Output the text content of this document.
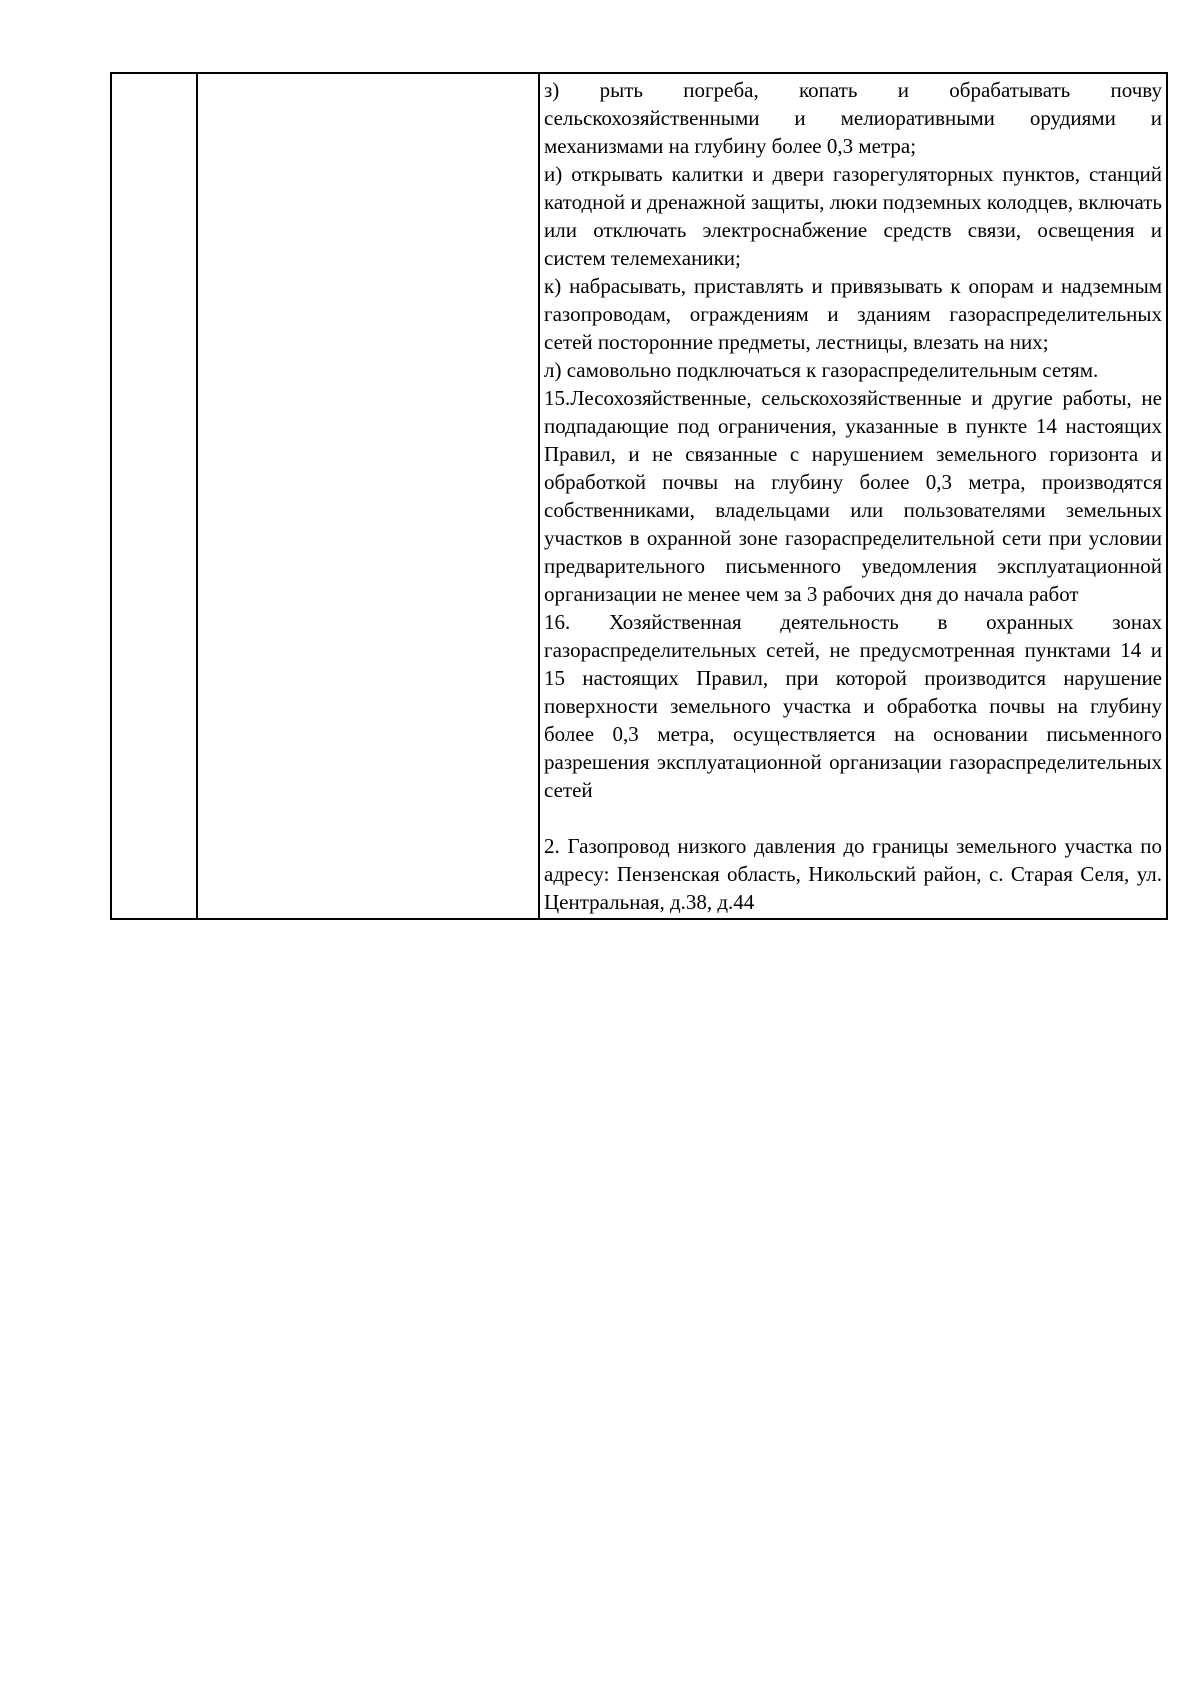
з) рыть погреба, копать и обрабатывать почву сельскохозяйственными и мелиоративными орудиями и механизмами на глубину более 0,3 метра;

и) открывать калитки и двери газорегуляторных пунктов, станций катодной и дренажной защиты, люки подземных колодцев, включать или отключать электроснабжение средств связи, освещения и систем телемеханики;

к) набрасывать, приставлять и привязывать к опорам и надземным газопроводам, ограждениям и зданиям газораспределительных сетей посторонние предметы, лестницы, влезать на них;

л) самовольно подключаться к газораспределительным сетям.

15.Лесохозяйственные, сельскохозяйственные и другие работы, не подпадающие под ограничения, указанные в пункте 14 настоящих Правил, и не связанные с нарушением земельного горизонта и обработкой почвы на глубину более 0,3 метра, производятся собственниками, владельцами или пользователями земельных участков в охранной зоне газораспределительной сети при условии предварительного письменного уведомления эксплуатационной организации не менее чем за 3 рабочих дня до начала работ

16. Хозяйственная деятельность в охранных зонах газораспределительных сетей, не предусмотренная пунктами 14 и 15 настоящих Правил, при которой производится нарушение поверхности земельного участка и обработка почвы на глубину более 0,3 метра, осуществляется на основании письменного разрешения эксплуатационной организации газораспределительных сетей

2. Газопровод низкого давления до границы земельного участка по адресу: Пензенская область, Никольский район, с. Старая Селя, ул. Центральная, д.38, д.44
